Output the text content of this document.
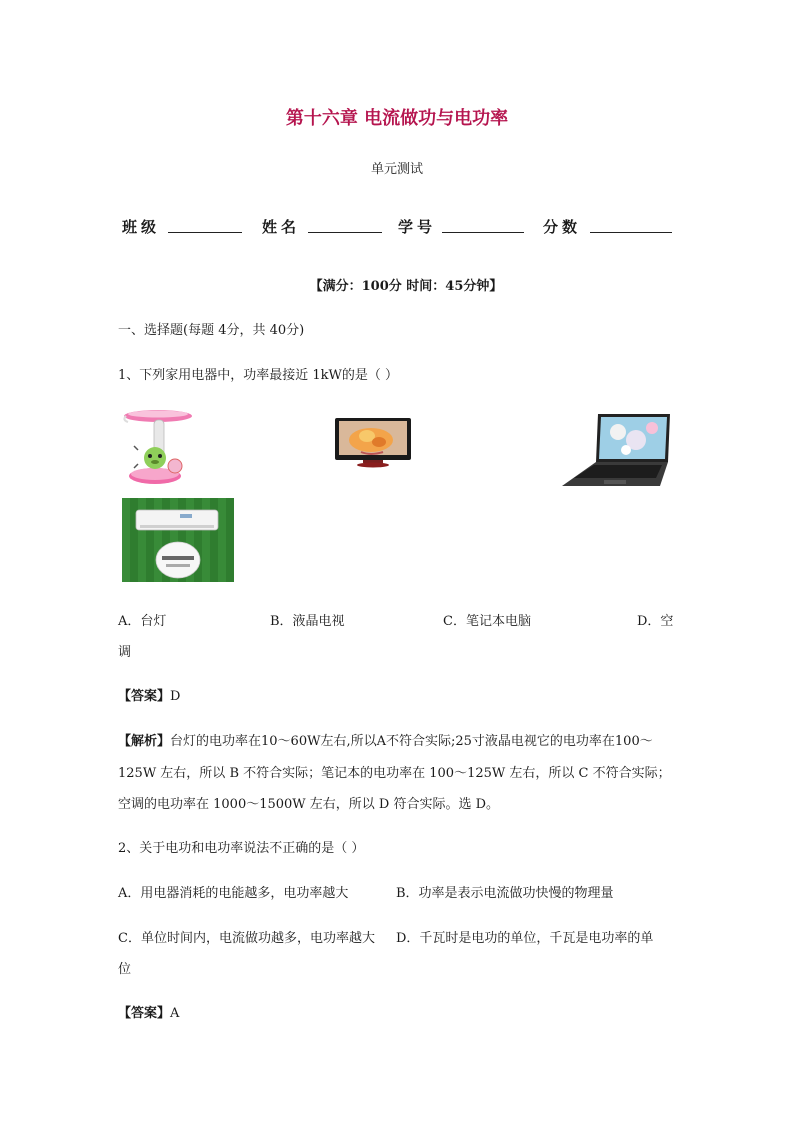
第十六章 电流做功与电功率
单元测试
班级	姓名	学号	分数
【满分：100分 时间：45分钟】
一、选择题(每题 4分，共 40分)
1、下列家用电器中，功率最接近 1kW的是（ ）
A．台灯	B．液晶电视	C．笔记本电脑	D．空
调
【答案】D
【解析】台灯的电功率在10～60W左右,所以A不符合实际;25寸液晶电视它的电功率在100～
125W 左右，所以 B 不符合实际；笔记本的电功率在 100～125W 左右，所以 C 不符合实际；
空调的电功率在 1000～1500W 左右，所以 D 符合实际。选 D。
2、关于电功和电功率说法不正确的是（ ）
A．用电器消耗的电能越多，电功率越大	B．功率是表示电流做功快慢的物理量
C．单位时间内，电流做功越多，电功率越大 D．千瓦时是电功的单位，千瓦是电功率的单
位
【答案】A
